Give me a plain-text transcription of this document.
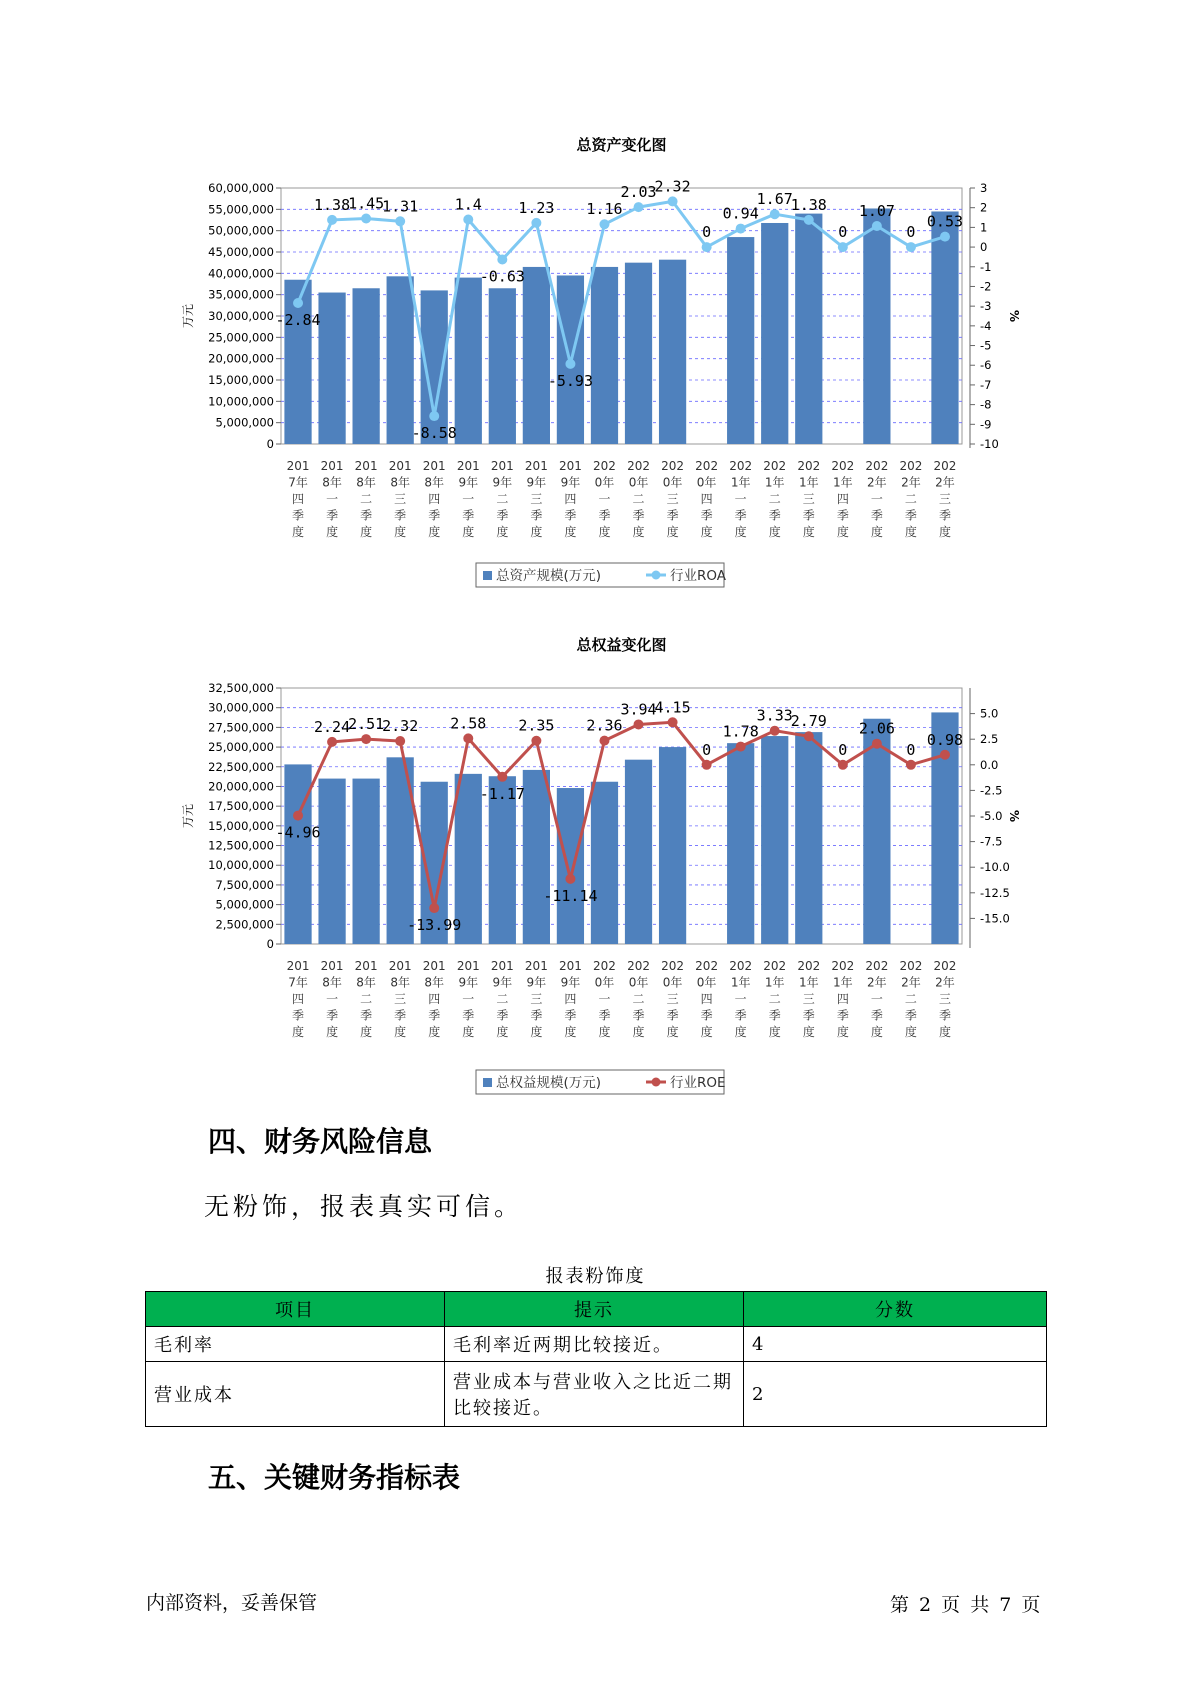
总资产变化图
60,000,000
55,000,000
50,000,000
45,000,000
40,000,000
35,000,000
30,000,000
25,000,000
20,000,000
15,000,000
10,000,000
5,000,000
0
3
2
1
0
-1
-2
-3
-4
-5
-6
-7
-8
-9
-10
万元	%
201
7年
四
季
度
201
8年
一
季
度
201
8年
二
季
度
201
8年
三
季
度
201
8年
四
季
度
201
9年
一
季
度
201
9年
二
季
度
201
9年
三
季
度
201
9年
四
季
度
202
0年
一
季
度
202
0年
二
季
度
202
0年
三
季
度
202
0年
四
季
度
202
1年
一
季
度
202
1年
二
季
度
202
1年
三
季
度
202
1年
四
季
度
202
2年
一
季
度
202
2年
二
季
度
202
2年
三
季
度
-2.84
1.38
1.45
1.31
-8.58
1.4
-0.63
1.23
-5.93
1.16
2.03
2.32
0
0.94
1.67
1.38
0
1.07
0
0.53
总资产规模(万元)	行业ROA
总权益变化图
32,500,000
30,000,000
27,500,000
25,000,000
22,500,000
20,000,000
17,500,000
15,000,000
12,500,000
10,000,000
7,500,000
5,000,000
2,500,000
0
5.0
2.5
0.0
-2.5
-5.0
-7.5
-10.0
-12.5
-15.0
万元	%
201
7年
四
季
度
201
8年
一
季
度
201
8年
二
季
度
201
8年
三
季
度
201
8年
四
季
度
201
9年
一
季
度
201
9年
二
季
度
201
9年
三
季
度
201
9年
四
季
度
202
0年
一
季
度
202
0年
二
季
度
202
0年
三
季
度
202
0年
四
季
度
202
1年
一
季
度
202
1年
二
季
度
202
1年
三
季
度
202
1年
四
季
度
202
2年
一
季
度
202
2年
二
季
度
202
2年
三
季
度
-4.96
2.24
2.51
2.32
-13.99
2.58
-1.17
2.35
-11.14
2.36
3.94
4.15
0
1.78
3.33
2.79
0
2.06
0
0.98
总权益规模(万元)	行业ROE
四、财务风险信息
无粉饰，报表真实可信。
报表粉饰度
项目	提示	分数
毛利率	毛利率近两期比较接近。	4
营业成本	营业成本与营业收入之比近二期比较接近。	2
五、关键财务指标表
内部资料，妥善保管	第 2 页 共 7 页
